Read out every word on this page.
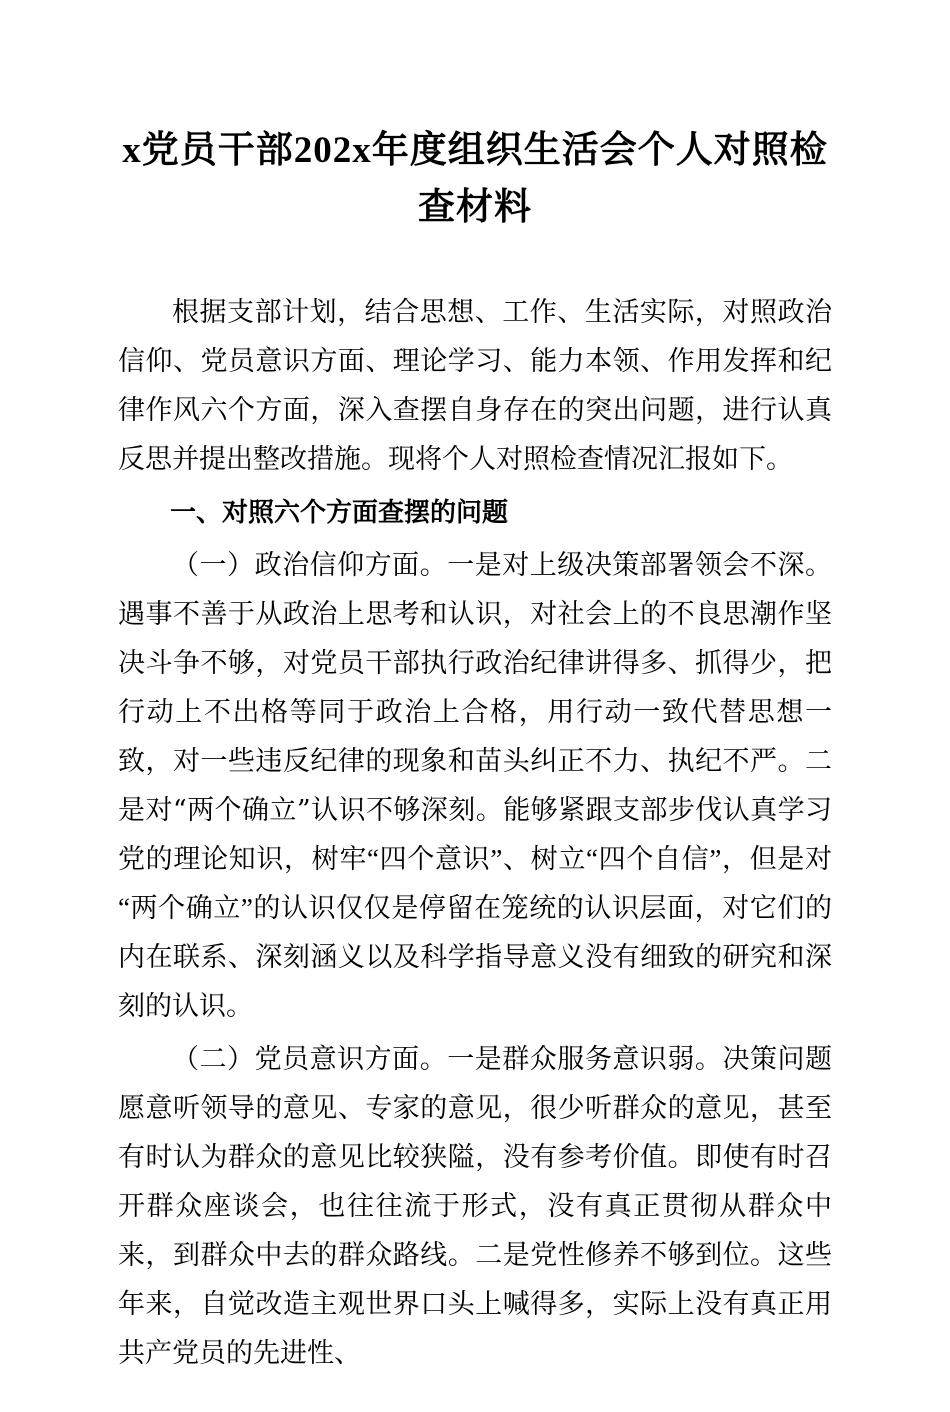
x党员干部202x年度组织生活会个人对照检查材料

根据支部计划，结合思想、工作、生活实际，对照政治信仰、党员意识方面、理论学习、能力本领、作用发挥和纪律作风六个方面，深入查摆自身存在的突出问题，进行认真反思并提出整改措施。现将个人对照检查情况汇报如下。

一、对照六个方面查摆的问题

（一）政治信仰方面。一是对上级决策部署领会不深。遇事不善于从政治上思考和认识，对社会上的不良思潮作坚决斗争不够，对党员干部执行政治纪律讲得多、抓得少，把行动上不出格等同于政治上合格，用行动一致代替思想一致，对一些违反纪律的现象和苗头纠正不力、执纪不严。二是对“两个确立”认识不够深刻。能够紧跟支部步伐认真学习党的理论知识，树牢“四个意识”、树立“四个自信”，但是对“两个确立”的认识仅仅是停留在笼统的认识层面，对它们的内在联系、深刻涵义以及科学指导意义没有细致的研究和深刻的认识。

（二）党员意识方面。一是群众服务意识弱。决策问题愿意听领导的意见、专家的意见，很少听群众的意见，甚至有时认为群众的意见比较狭隘，没有参考价值。即使有时召开群众座谈会，也往往流于形式，没有真正贯彻从群众中来，到群众中去的群众路线。二是党性修养不够到位。这些年来，自觉改造主观世界口头上喊得多，实际上没有真正用共产党员的先进性、
